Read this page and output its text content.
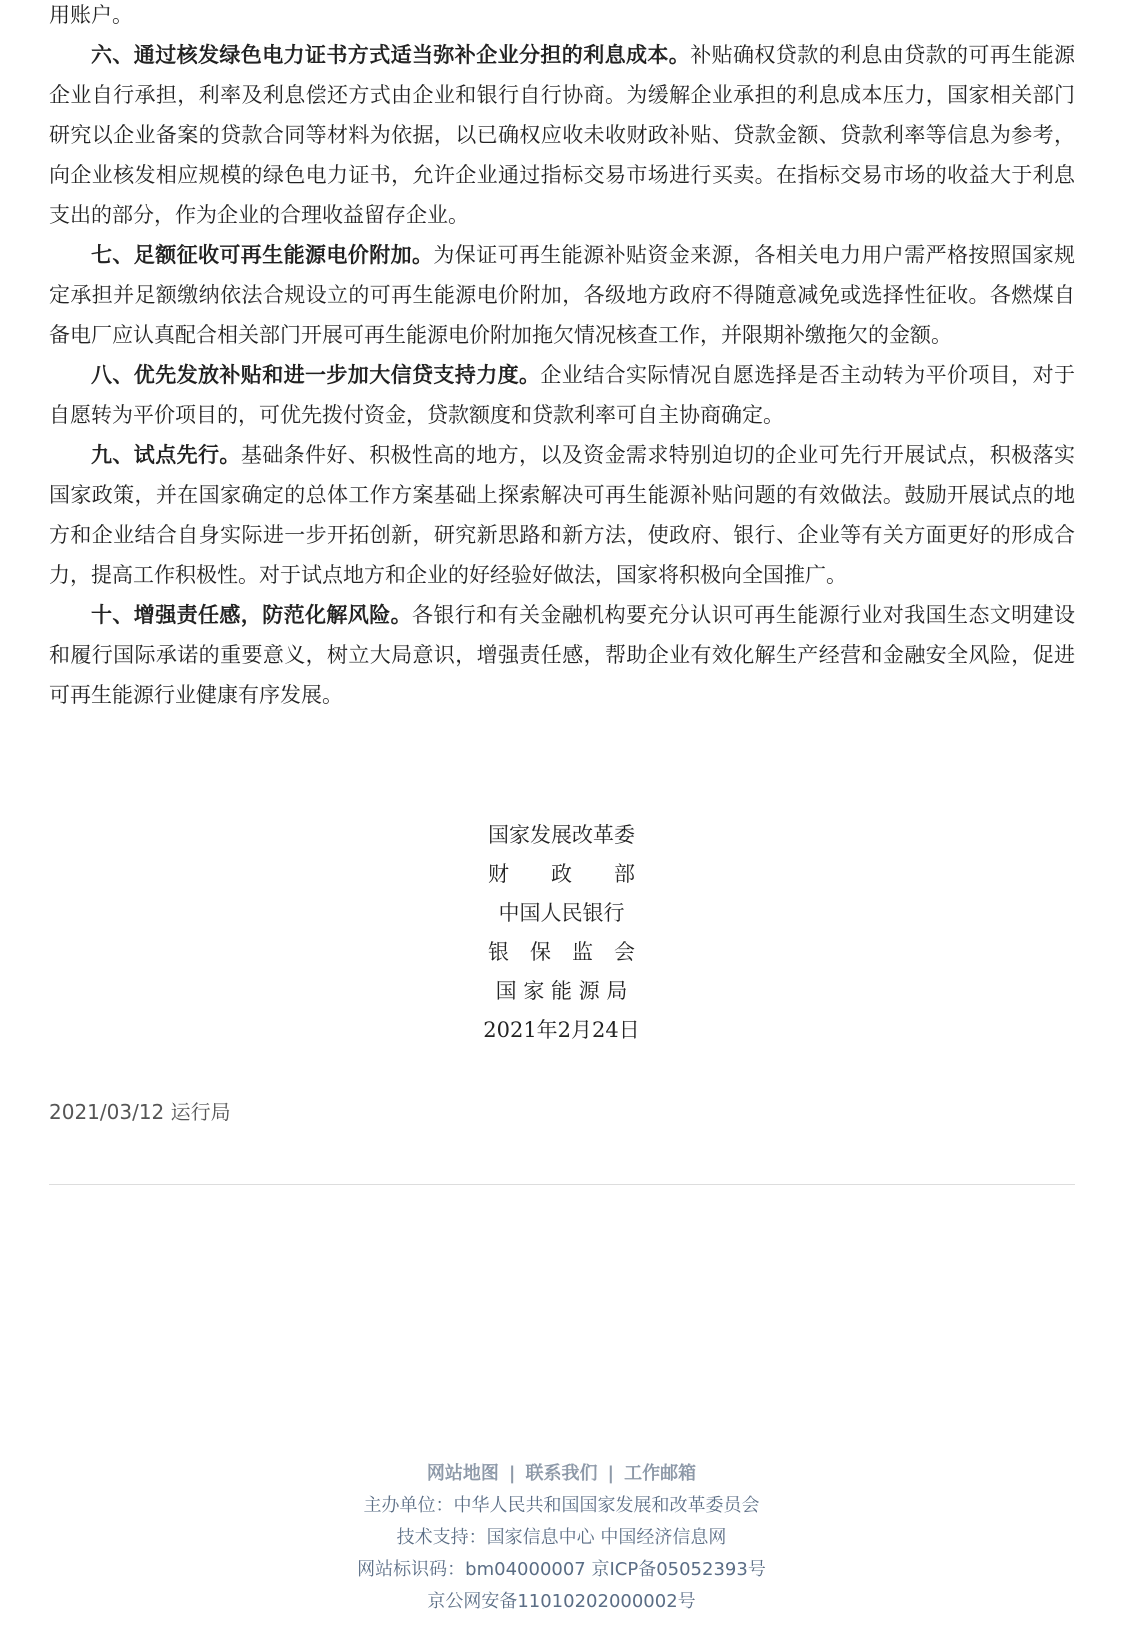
用账户。

六、通过核发绿色电力证书方式适当弥补企业分担的利息成本。补贴确权贷款的利息由贷款的可再生能源企业自行承担，利率及利息偿还方式由企业和银行自行协商。为缓解企业承担的利息成本压力，国家相关部门研究以企业备案的贷款合同等材料为依据，以已确权应收未收财政补贴、贷款金额、贷款利率等信息为参考，向企业核发相应规模的绿色电力证书，允许企业通过指标交易市场进行买卖。在指标交易市场的收益大于利息支出的部分，作为企业的合理收益留存企业。

七、足额征收可再生能源电价附加。为保证可再生能源补贴资金来源，各相关电力用户需严格按照国家规定承担并足额缴纳依法合规设立的可再生能源电价附加，各级地方政府不得随意减免或选择性征收。各燃煤自备电厂应认真配合相关部门开展可再生能源电价附加拖欠情况核查工作，并限期补缴拖欠的金额。

八、优先发放补贴和进一步加大信贷支持力度。企业结合实际情况自愿选择是否主动转为平价项目，对于自愿转为平价项目的，可优先拨付资金，贷款额度和贷款利率可自主协商确定。

九、试点先行。基础条件好、积极性高的地方，以及资金需求特别迫切的企业可先行开展试点，积极落实国家政策，并在国家确定的总体工作方案基础上探索解决可再生能源补贴问题的有效做法。鼓励开展试点的地方和企业结合自身实际进一步开拓创新，研究新思路和新方法，使政府、银行、企业等有关方面更好的形成合力，提高工作积极性。对于试点地方和企业的好经验好做法，国家将积极向全国推广。

十、增强责任感，防范化解风险。各银行和有关金融机构要充分认识可再生能源行业对我国生态文明建设和履行国际承诺的重要意义，树立大局意识，增强责任感，帮助企业有效化解生产经营和金融安全风险，促进可再生能源行业健康有序发展。

国家发展改革委
财　　政　　部
中国人民银行
银　保　监　会
国 家 能 源 局
2021年2月24日
2021/03/12 运行局
网站地图 | 联系我们 | 工作邮箱
主办单位：中华人民共和国国家发展和改革委员会
技术支持：国家信息中心 中国经济信息网
网站标识码：bm04000007 京ICP备05052393号
京公网安备11010202000002号
